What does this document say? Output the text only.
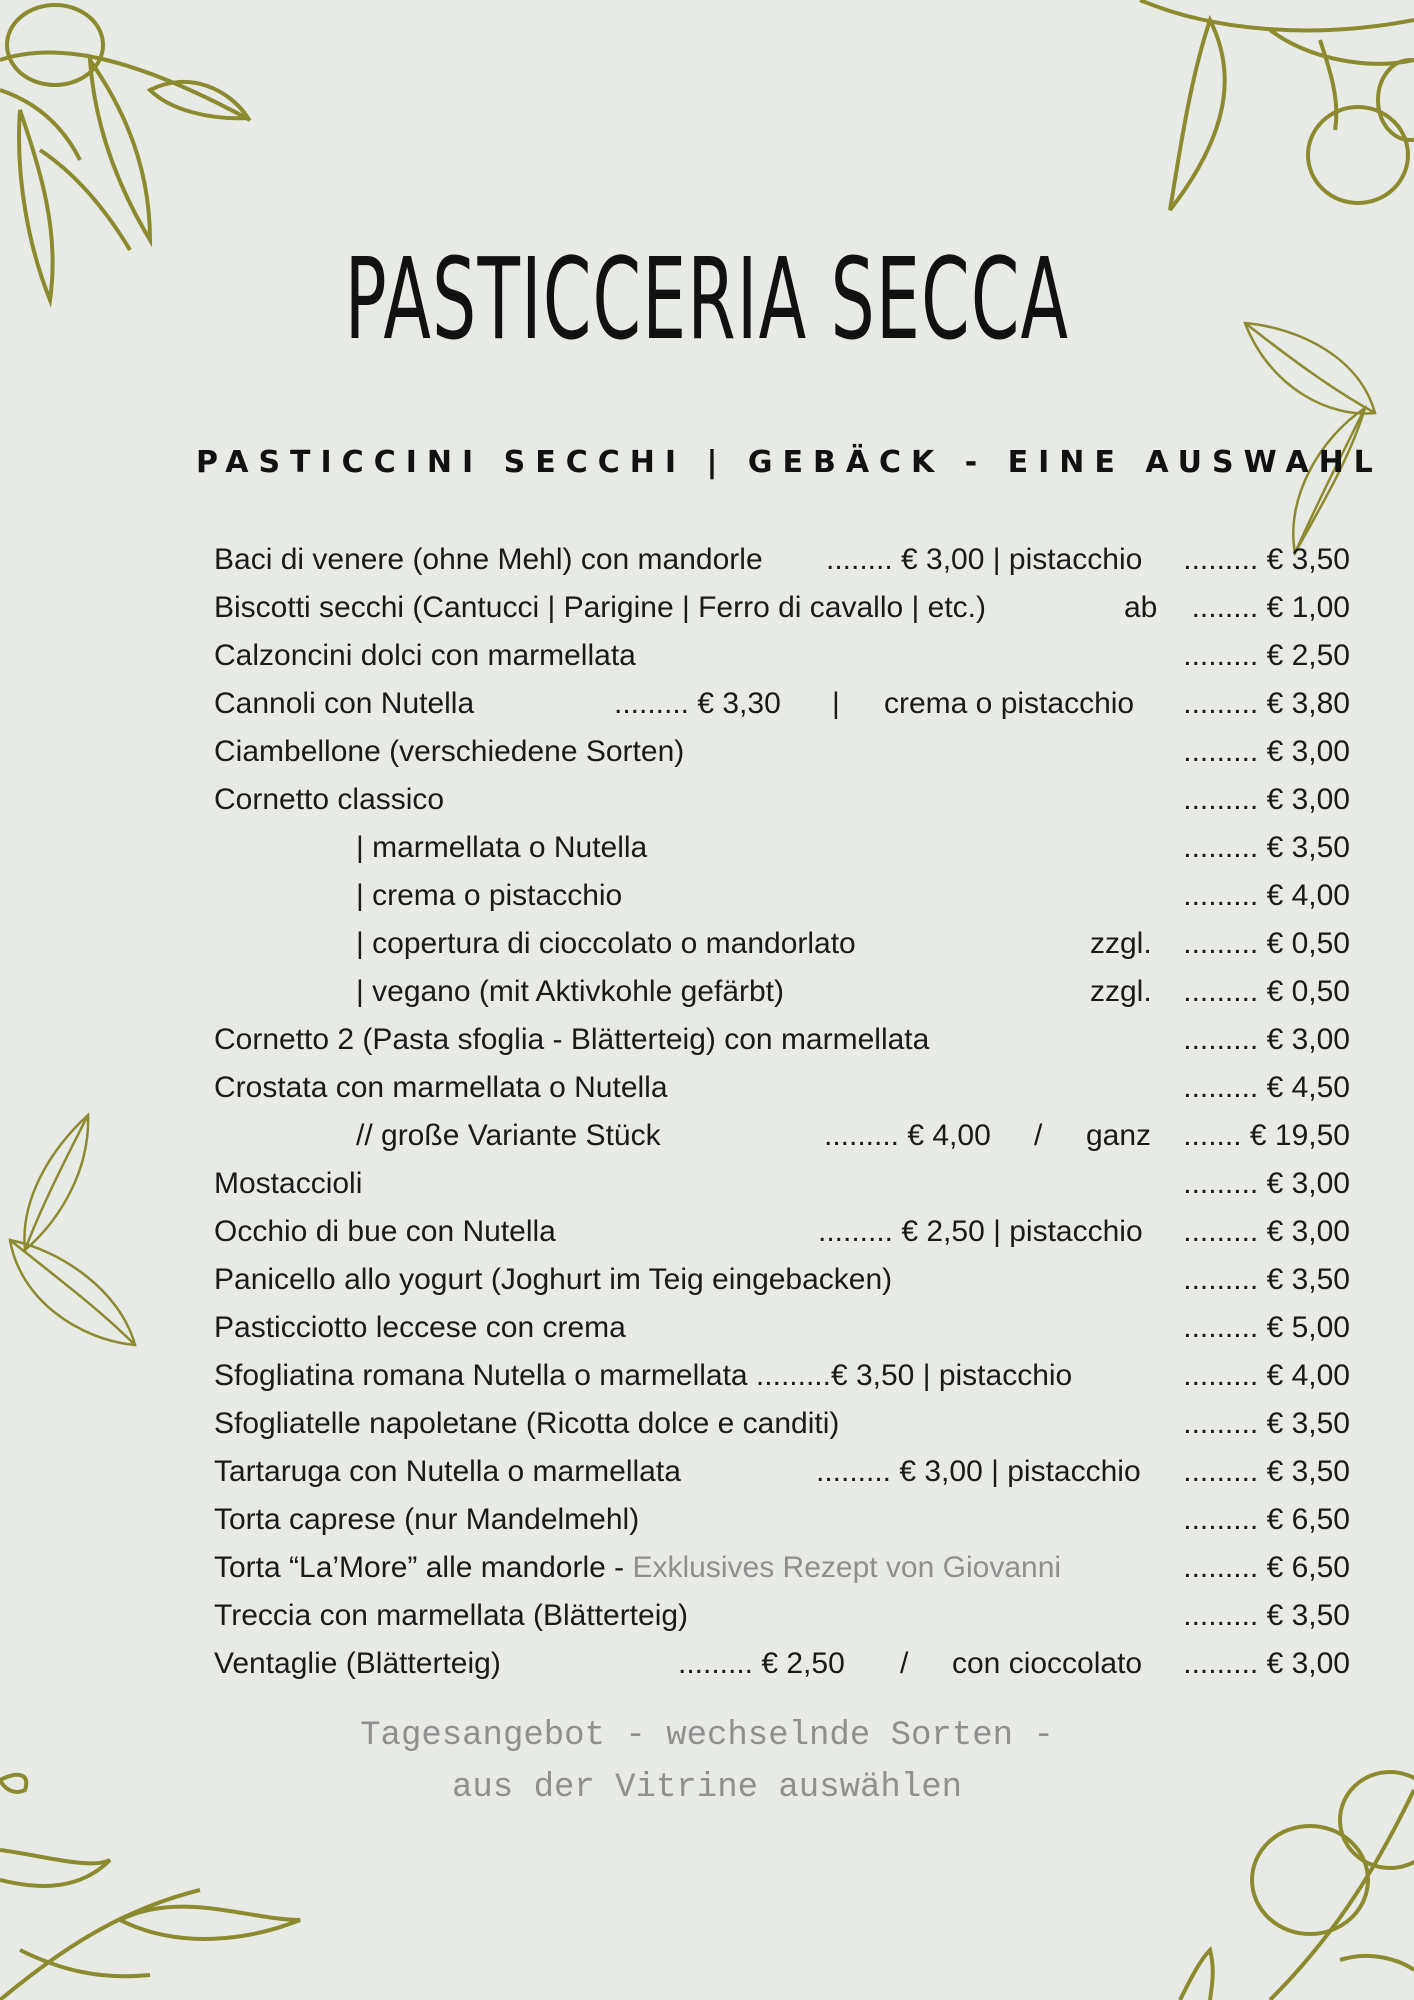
PASTICCERIA SECCA
PASTICCINI SECCHI | GEBÄCK - EINE AUSWAHL
Baci di venere (ohne Mehl) con mandorle ........ € 3,00 | pistacchio ......... € 3,50
Biscotti secchi (Cantucci | Parigine | Ferro di cavallo | etc.)	ab ........ € 1,00
Calzoncini dolci con marmellata	......... € 2,50
Cannoli con Nutella	......... € 3,30 | crema o pistacchio ......... € 3,80
Ciambellone (verschiedene Sorten)	......... € 3,00
Cornetto classico	......... € 3,00
| marmellata o Nutella	......... € 3,50
| crema o pistacchio	......... € 4,00
| copertura di cioccolato o mandorlato	zzgl. ......... € 0,50
| vegano (mit Aktivkohle gefärbt)	zzgl. ......... € 0,50
Cornetto 2 (Pasta sfoglia - Blätterteig) con marmellata	......... € 3,00
Crostata con marmellata o Nutella	......... € 4,50
// große Variante Stück	......... € 4,00 / ganz ....... € 19,50
Mostaccioli	......... € 3,00
Occhio di bue con Nutella	......... € 2,50 | pistacchio ......... € 3,00
Panicello allo yogurt (Joghurt im Teig eingebacken)	......... € 3,50
Pasticciotto leccese con crema	......... € 5,00
Sfogliatina romana Nutella o marmellata .........€ 3,50 | pistacchio	......... € 4,00
Sfogliatelle napoletane (Ricotta dolce e canditi)	......... € 3,50
Tartaruga con Nutella o marmellata	......... € 3,00 | pistacchio ......... € 3,50
Torta caprese (nur Mandelmehl)	......... € 6,50
Torta “La’More” alle mandorle - Exklusives Rezept von Giovanni	......... € 6,50
Treccia con marmellata (Blätterteig)	......... € 3,50
Ventaglie (Blätterteig)	......... € 2,50 / con cioccolato ......... € 3,00
Tagesangebot - wechselnde Sorten -
aus der Vitrine auswählen
